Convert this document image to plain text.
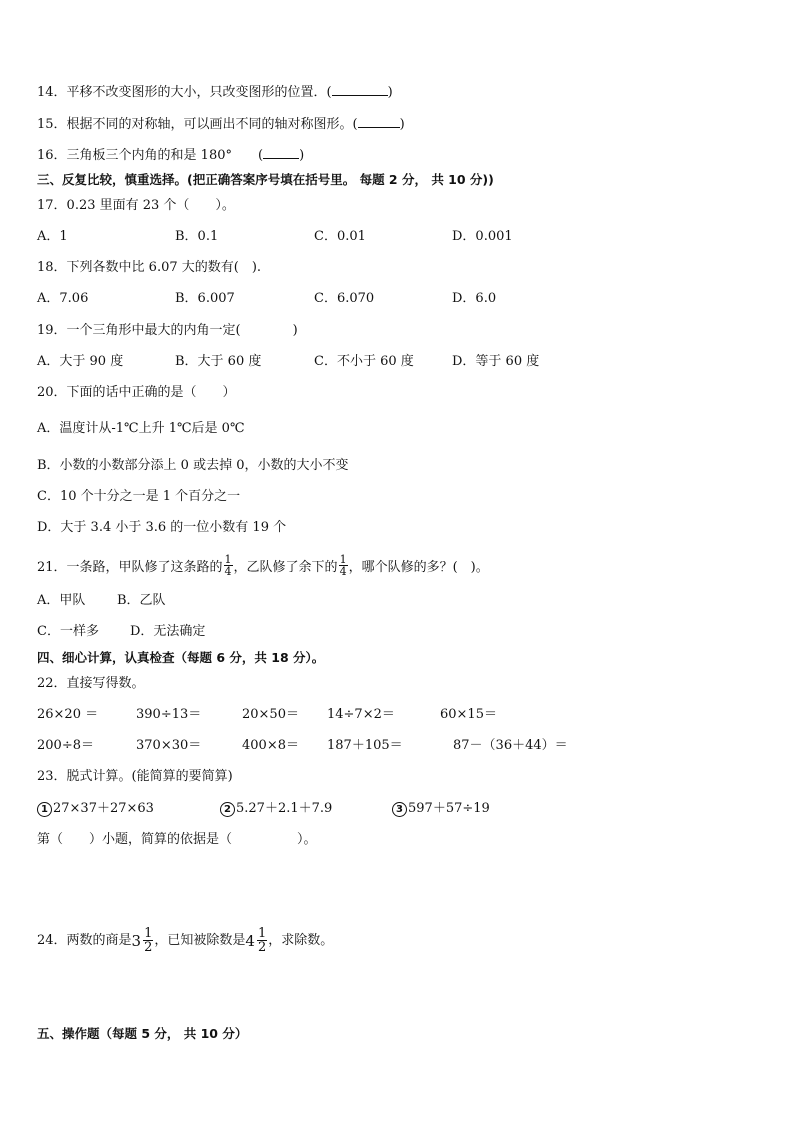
14．平移不改变图形的大小，只改变图形的位置．(	)
15．根据不同的对称轴，可以画出不同的轴对称图形。(	)
16．三角板三个内角的和是 180°　　(	)
三、反复比较，慎重选择。(把正确答案序号填在括号里。 每题 2 分， 共 10 分))
17．0.23 里面有 23 个（　　）。
A．1	B．0.1	C．0.01	D．0.001
18．下列各数中比 6.07 大的数有(　).
A．7.06	B．6.007	C．6.070	D．6.0
19．一个三角形中最大的内角一定(　　　　)
A．大于 90 度	B．大于 60 度	C．不小于 60 度	D．等于 60 度
20．下面的话中正确的是（　　）
A．温度计从-1℃上升 1℃后是 0℃
B．小数的小数部分添上 0 或去掉 0，小数的大小不变
C．10 个十分之一是 1 个百分之一
D．大于 3.4 小于 3.6 的一位小数有 19 个
21．一条路，甲队修了这条路的 $\frac{1}{4}$ ，乙队修了余下的 $\frac{1}{4}$ ，哪个队修的多？(　)。
A．甲队 B．乙队
C．一样多 D．无法确定
四、细心计算，认真检查（每题 6 分，共 18 分）。
22．直接写得数。
26×20 ＝	390÷13＝	20×50＝ 14÷7×2＝	60×15＝
200÷8＝	370×30＝	400×8＝ 187＋105＝	87－（36＋44）＝
23．脱式计算。(能简算的要简算)
1 27×37＋27×63	2 5.27＋2.1＋7.9	3 597＋57÷19
第（　　）小题，简算的依据是（　　　　　）。
24．两数的商是 $3 \frac{1}{2}$ ，已知被除数是 $4 \frac{1}{2}$ ，求除数。
五、操作题（每题 5 分， 共 10 分）
